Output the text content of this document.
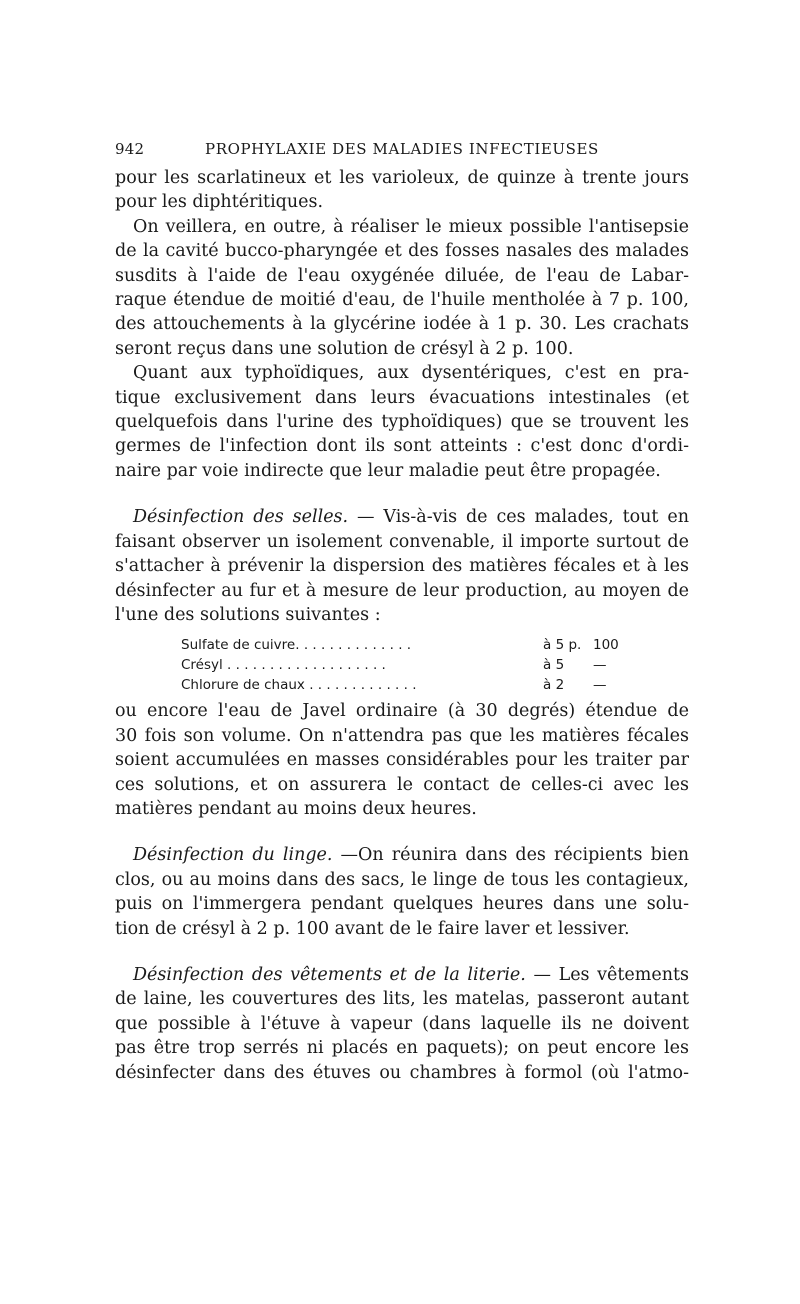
942	PROPHYLAXIE DES MALADIES INFECTIEUSES

pour les scarlatineux et les varioleux, de quinze à trente jours
pour les diphtéritiques.

On veillera, en outre, à réaliser le mieux possible l'antisepsie
de la cavité bucco-pharyngée et des fosses nasales des malades
susdits à l'aide de l'eau oxygénée diluée, de l'eau de Labar-
raque étendue de moitié d'eau, de l'huile mentholée à 7 p. 100,
des attouchements à la glycérine iodée à 1 p. 30. Les crachats
seront reçus dans une solution de crésyl à 2 p. 100.

Quant aux typhoïdiques, aux dysentériques, c'est en pra-
tique exclusivement dans leurs évacuations intestinales (et
quelquefois dans l'urine des typhoïdiques) que se trouvent les
germes de l'infection dont ils sont atteints : c'est donc d'ordi-
naire par voie indirecte que leur maladie peut être propagée.

Désinfection des selles. — Vis-à-vis de ces malades, tout en
faisant observer un isolement convenable, il importe surtout de
s'attacher à prévenir la dispersion des matières fécales et à les
désinfecter au fur et à mesure de leur production, au moyen de
l'une des solutions suivantes :

Sulfate de cuivre. . . . . . . . . . . . . .	à 5 p.	100
Crésyl . . . . . . . . . . . . . . . . . . .	à 5	—
Chlorure de chaux . . . . . . . . . . . . .	à 2	—

ou encore l'eau de Javel ordinaire (à 30 degrés) étendue de
30 fois son volume. On n'attendra pas que les matières fécales
soient accumulées en masses considérables pour les traiter par
ces solutions, et on assurera le contact de celles-ci avec les
matières pendant au moins deux heures.

Désinfection du linge. —On réunira dans des récipients bien
clos, ou au moins dans des sacs, le linge de tous les contagieux,
puis on l'immergera pendant quelques heures dans une solu-
tion de crésyl à 2 p. 100 avant de le faire laver et lessiver.

Désinfection des vêtements et de la literie. — Les vêtements
de laine, les couvertures des lits, les matelas, passeront autant
que possible à l'étuve à vapeur (dans laquelle ils ne doivent
pas être trop serrés ni placés en paquets); on peut encore les
désinfecter dans des étuves ou chambres à formol (où l'atmo-
